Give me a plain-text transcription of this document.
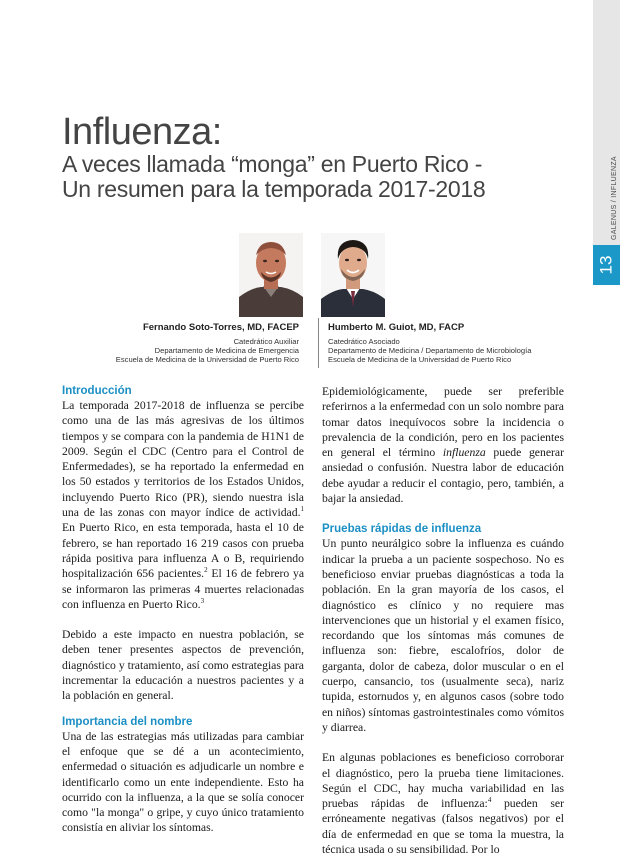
GALENUS / INFLUENZA
13
Influenza:
A veces llamada “monga” en Puerto Rico -
Un resumen para la temporada 2017-2018
Fernando Soto-Torres, MD, FACEP
Catedrático Auxiliar
Departamento de Medicina de Emergencia
Escuela de Medicina de la Universidad de Puerto Rico
Humberto M. Guiot, MD, FACP
Catedrático Asociado
Departamento de Medicina / Departamento de Microbiología
Escuela de Medicina de la Universidad de Puerto Rico
Introducción

La temporada 2017-2018 de influenza se percibe como una de las más agresivas de los últimos tiempos y se compara con la pandemia de H1N1 de 2009. Según el CDC (Centro para el Control de Enfermedades), se ha reportado la enfermedad en los 50 estados y territorios de los Estados Unidos, incluyendo Puerto Rico (PR), siendo nuestra isla una de las zonas con mayor índice de actividad.$^1$ En Puerto Rico, en esta temporada, hasta el 10 de febrero, se han reportado 16 219 casos con prueba rápida positiva para influenza A o B, requiriendo hospitalización 656 pacientes.$^2$ El 16 de febrero ya se informaron las primeras 4 muertes relacionadas con influenza en Puerto Rico.$^3$

Debido a este impacto en nuestra población, se deben tener presentes aspectos de prevención, diagnóstico y tratamiento, así como estrategias para incrementar la educación a nuestros pacientes y a la población en general.

Importancia del nombre

Una de las estrategias más utilizadas para cambiar el enfoque que se dé a un acontecimiento, enfermedad o situación es adjudicarle un nombre e identificarlo como un ente independiente. Esto ha ocurrido con la influenza, a la que se solía conocer como "la monga" o gripe, y cuyo único tratamiento consistía en aliviar los síntomas.

Epidemiológicamente, puede ser preferible referirnos a la enfermedad con un solo nombre para tomar datos inequívocos sobre la incidencia o prevalencia de la condición, pero en los pacientes en general el término influenza puede generar ansiedad o confusión. Nuestra labor de educación debe ayudar a reducir el contagio, pero, también, a bajar la ansiedad.

Pruebas rápidas de influenza

Un punto neurálgico sobre la influenza es cuándo indicar la prueba a un paciente sospechoso. No es beneficioso enviar pruebas diagnósticas a toda la población. En la gran mayoría de los casos, el diagnóstico es clínico y no requiere mas intervenciones que un historial y el examen físico, recordando que los síntomas más comunes de influenza son: fiebre, escalofríos, dolor de garganta, dolor de cabeza, dolor muscular o en el cuerpo, cansancio, tos (usualmente seca), nariz tupida, estornudos y, en algunos casos (sobre todo en niños) síntomas gastrointestinales como vómitos y diarrea.

En algunas poblaciones es beneficioso corroborar el diagnóstico, pero la prueba tiene limitaciones. Según el CDC, hay mucha variabilidad en las pruebas rápidas de influenza:$^4$ pueden ser erróneamente negativas (falsos negativos) por el día de enfermedad en que se toma la muestra, la técnica usada o su sensibilidad. Por lo
